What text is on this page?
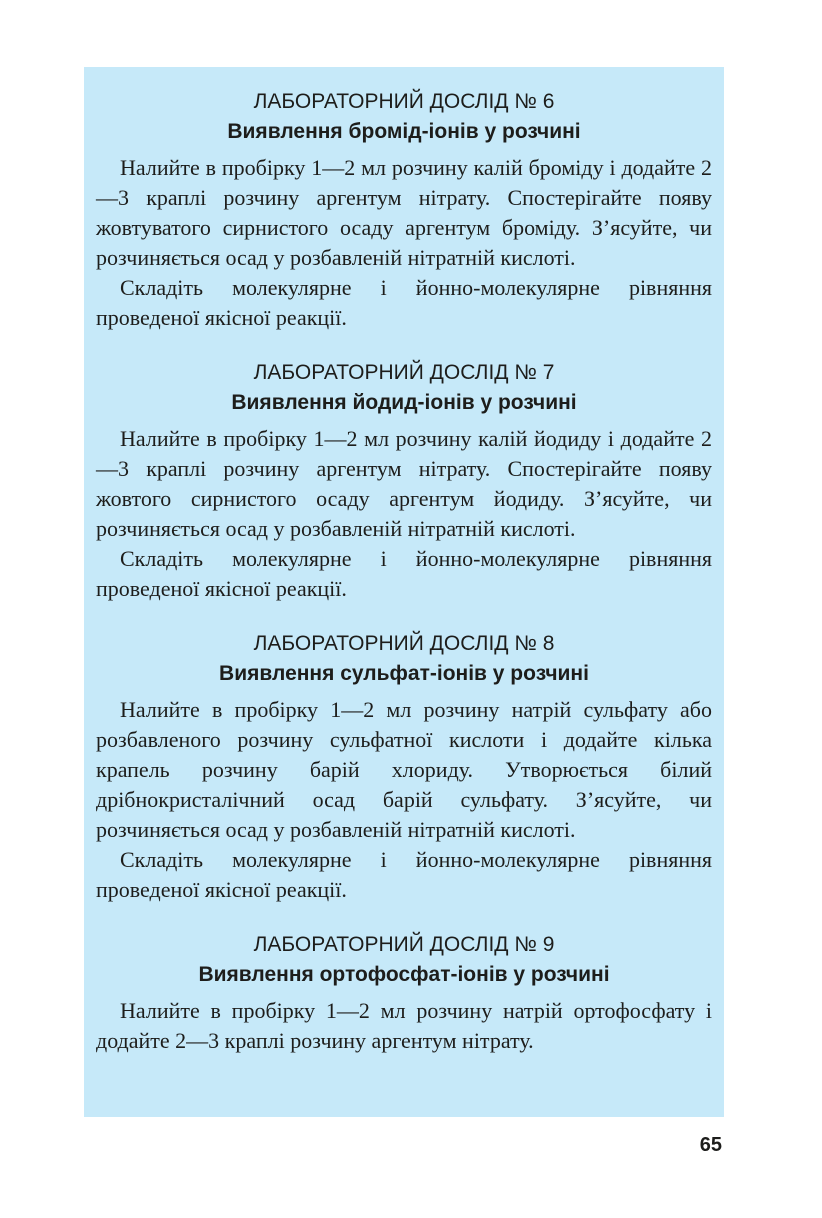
ЛАБОРАТОРНИЙ ДОСЛІД № 6

Виявлення бромід-іонів у розчині

Налийте в пробірку 1—2 мл розчину калій броміду і додайте 2—3 краплі розчину аргентум нітрату. Спостерігайте появу жовтуватого сирнистого осаду аргентум броміду. З’ясуйте, чи розчиняється осад у розбавленій нітратній кислоті.

Складіть молекулярне і йонно-молекулярне рівняння проведеної якісної реакції.

ЛАБОРАТОРНИЙ ДОСЛІД № 7

Виявлення йодид-іонів у розчині

Налийте в пробірку 1—2 мл розчину калій йодиду і додайте 2—3 краплі розчину аргентум нітрату. Спостерігайте появу жовтого сирнистого осаду аргентум йодиду. З’ясуйте, чи розчиняється осад у розбавленій нітратній кислоті.

Складіть молекулярне і йонно-молекулярне рівняння проведеної якісної реакції.

ЛАБОРАТОРНИЙ ДОСЛІД № 8

Виявлення сульфат-іонів у розчині

Налийте в пробірку 1—2 мл розчину натрій сульфату або розбавленого розчину сульфатної кислоти і додайте кілька крапель розчину барій хлориду. Утворюється білий дрібнокристалічний осад барій сульфату. З’ясуйте, чи розчиняється осад у розбавленій нітратній кислоті.

Складіть молекулярне і йонно-молекулярне рівняння проведеної якісної реакції.

ЛАБОРАТОРНИЙ ДОСЛІД № 9

Виявлення ортофосфат-іонів у розчині

Налийте в пробірку 1—2 мл розчину натрій ортофосфату і додайте 2—3 краплі розчину аргентум нітрату.

65
